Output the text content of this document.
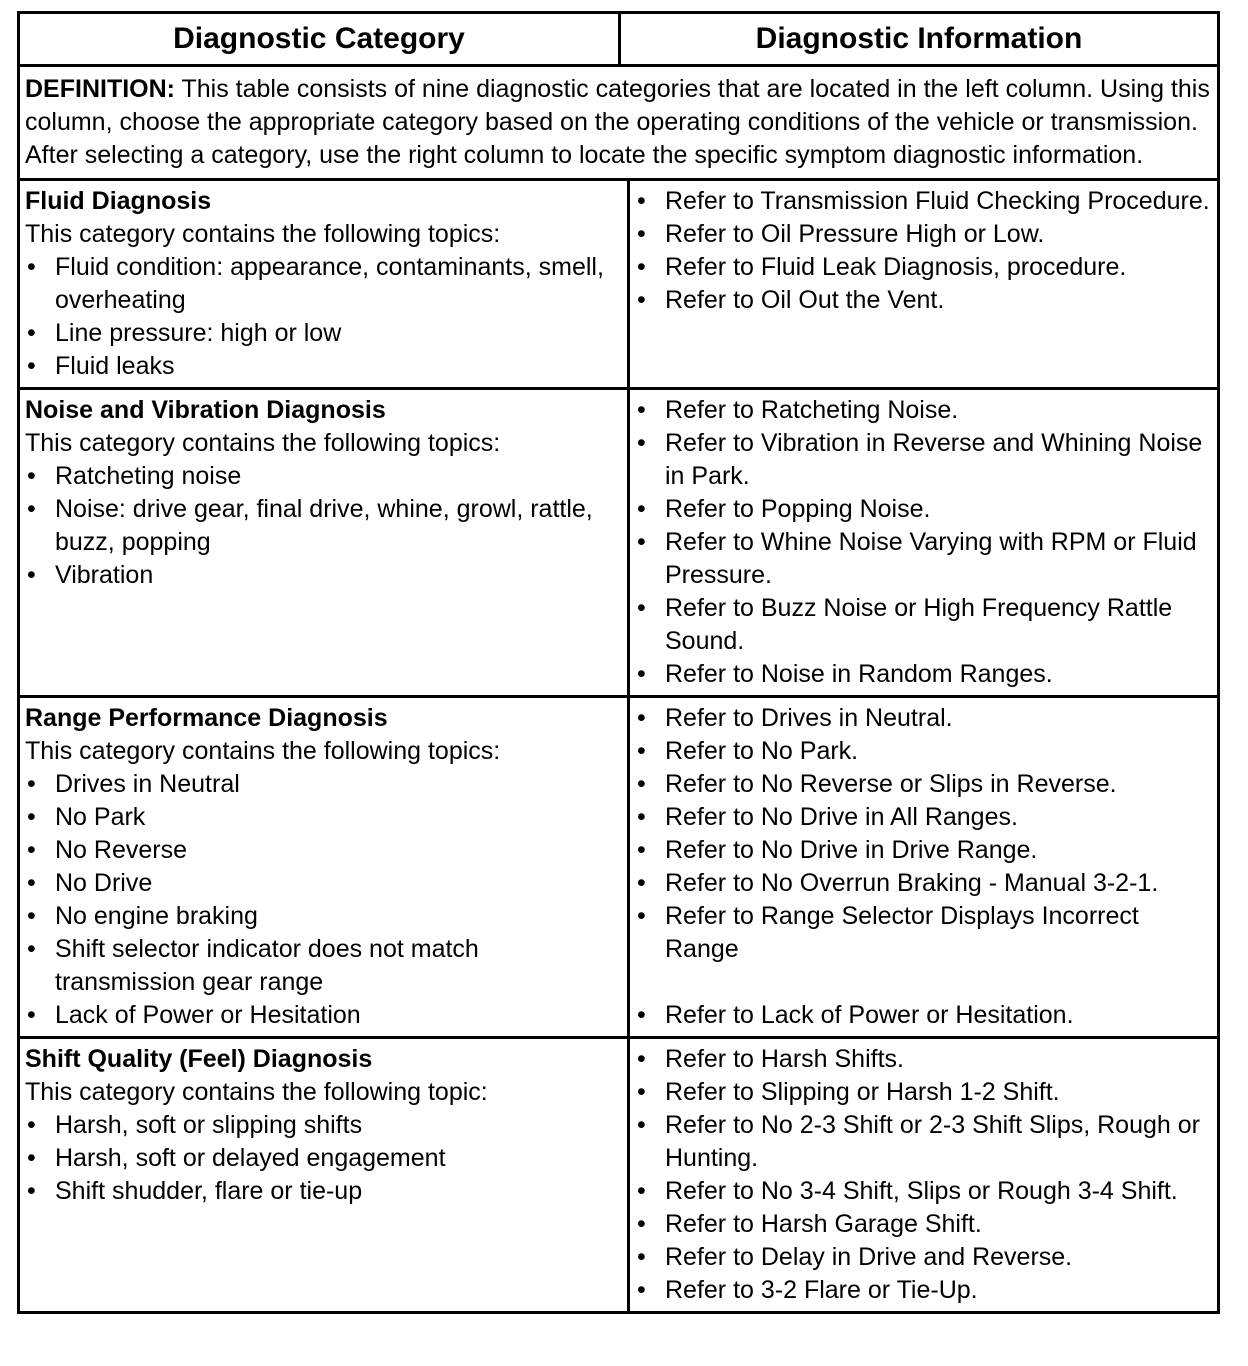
Diagnostic Category	Diagnostic Information
DEFINITION: This table consists of nine diagnostic categories that are located in the left column. Using this column, choose the appropriate category based on the operating conditions of the vehicle or transmission. After selecting a category, use the right column to locate the specific symptom diagnostic information.
Fluid Diagnosis
This category contains the following topics:
• Fluid condition: appearance, contaminants, smell, overheating
• Line pressure: high or low
• Fluid leaks
• Refer to Transmission Fluid Checking Procedure.
• Refer to Oil Pressure High or Low.
• Refer to Fluid Leak Diagnosis, procedure.
• Refer to Oil Out the Vent.
Noise and Vibration Diagnosis
This category contains the following topics:
• Ratcheting noise
• Noise: drive gear, final drive, whine, growl, rattle, buzz, popping
• Vibration
• Refer to Ratcheting Noise.
• Refer to Vibration in Reverse and Whining Noise in Park.
• Refer to Popping Noise.
• Refer to Whine Noise Varying with RPM or Fluid Pressure.
• Refer to Buzz Noise or High Frequency Rattle Sound.
• Refer to Noise in Random Ranges.
Range Performance Diagnosis
This category contains the following topics:
• Drives in Neutral
• No Park
• No Reverse
• No Drive
• No engine braking
• Shift selector indicator does not match transmission gear range
• Lack of Power or Hesitation
• Refer to Drives in Neutral.
• Refer to No Park.
• Refer to No Reverse or Slips in Reverse.
• Refer to No Drive in All Ranges.
• Refer to No Drive in Drive Range.
• Refer to No Overrun Braking - Manual 3-2-1.
• Refer to Range Selector Displays Incorrect Range
• Refer to Lack of Power or Hesitation.
Shift Quality (Feel) Diagnosis
This category contains the following topic:
• Harsh, soft or slipping shifts
• Harsh, soft or delayed engagement
• Shift shudder, flare or tie-up
• Refer to Harsh Shifts.
• Refer to Slipping or Harsh 1-2 Shift.
• Refer to No 2-3 Shift or 2-3 Shift Slips, Rough or Hunting.
• Refer to No 3-4 Shift, Slips or Rough 3-4 Shift.
• Refer to Harsh Garage Shift.
• Refer to Delay in Drive and Reverse.
• Refer to 3-2 Flare or Tie-Up.
